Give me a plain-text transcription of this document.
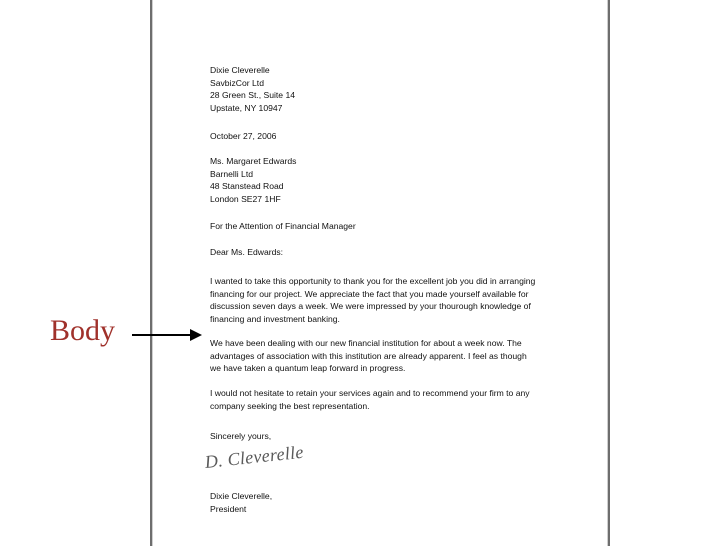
Dixie Cleverelle
SavbizCor Ltd
28 Green St., Suite 14
Upstate, NY 10947
October 27, 2006
Ms. Margaret Edwards
Barnelli Ltd
48 Stanstead Road
London SE27 1HF
For the Attention of Financial Manager
Dear Ms. Edwards:
I wanted to take this opportunity to thank you for the excellent job you did in arranging
financing for our project. We appreciate the fact that you made yourself available for
discussion seven days a week. We were impressed by your thourough knowledge of
financing and investment banking.
We have been dealing with our new financial institution for about a week now. The
advantages of association with this institution are already apparent. I feel as though
we have taken a quantum leap forward in progress.
I would not hesitate to retain your services again and to recommend your firm to any
company seeking the best representation.
Sincerely yours,
D. Cleverelle
Dixie Cleverelle,
President
Body
